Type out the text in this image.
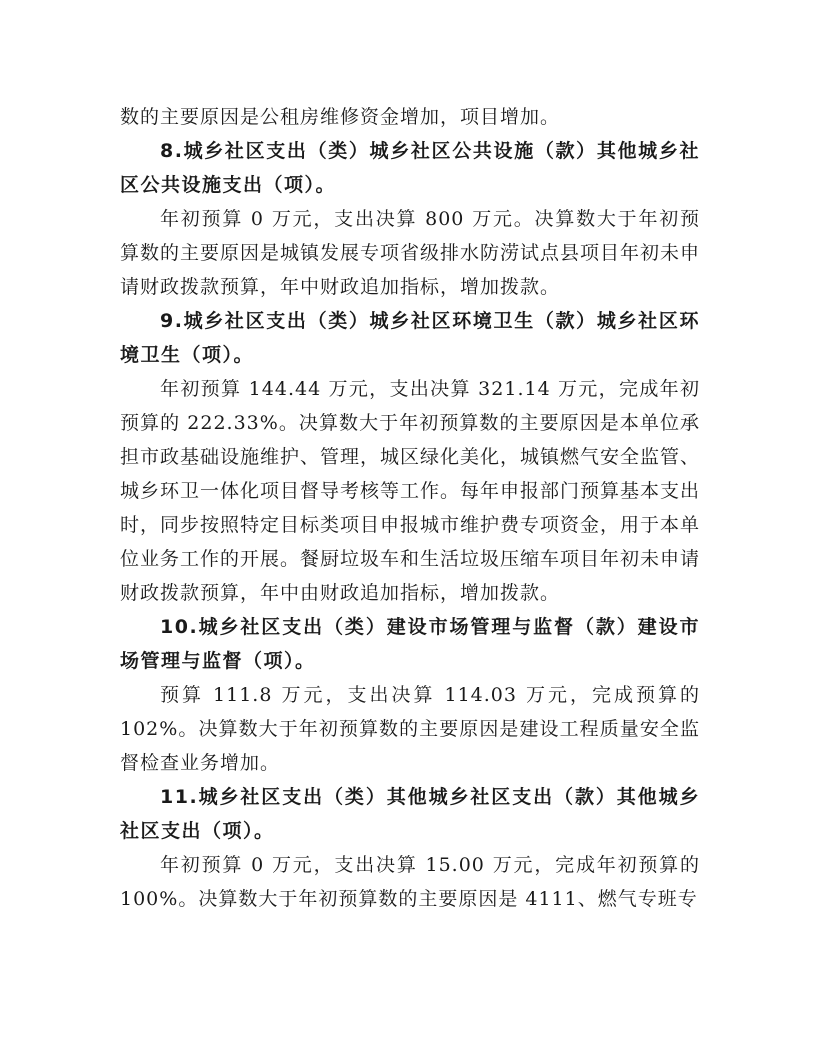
数的主要原因是公租房维修资金增加，项目增加。

8.城乡社区支出（类）城乡社区公共设施（款）其他城乡社区公共设施支出（项）。

年初预算 0 万元，支出决算 800 万元。决算数大于年初预算数的主要原因是城镇发展专项省级排水防涝试点县项目年初未申请财政拨款预算，年中财政追加指标，增加拨款。

9.城乡社区支出（类）城乡社区环境卫生（款）城乡社区环境卫生（项）。

年初预算 144.44 万元，支出决算 321.14 万元，完成年初预算的 222.33%。决算数大于年初预算数的主要原因是本单位承担市政基础设施维护、管理，城区绿化美化，城镇燃气安全监管、城乡环卫一体化项目督导考核等工作。每年申报部门预算基本支出时，同步按照特定目标类项目申报城市维护费专项资金，用于本单位业务工作的开展。餐厨垃圾车和生活垃圾压缩车项目年初未申请财政拨款预算，年中由财政追加指标，增加拨款。

10.城乡社区支出（类）建设市场管理与监督（款）建设市场管理与监督（项）。

预算 111.8 万元，支出决算 114.03 万元，完成预算的 102%。决算数大于年初预算数的主要原因是建设工程质量安全监督检查业务增加。

11.城乡社区支出（类）其他城乡社区支出（款）其他城乡社区支出（项）。

年初预算 0 万元，支出决算 15.00 万元，完成年初预算的 100%。决算数大于年初预算数的主要原因是 4111、燃气专班专
